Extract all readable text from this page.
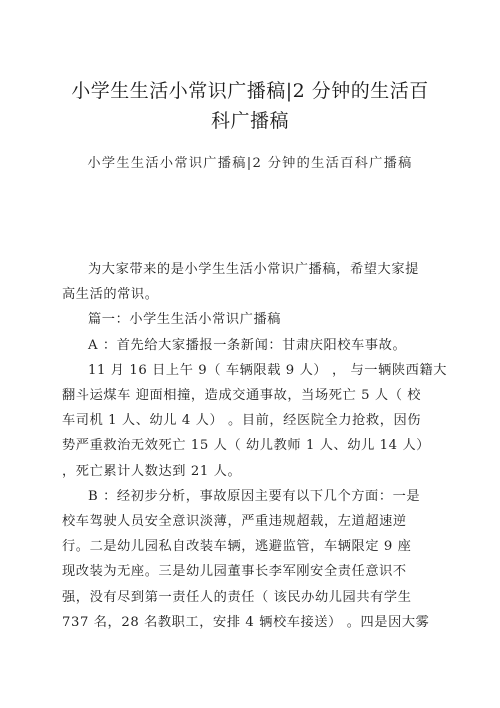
小学生生活小常识广播稿|2 分钟的生活百
科广播稿
小学生生活小常识广播稿|2 分钟的生活百科广播稿
为大家带来的是小学生生活小常识广播稿，希望大家提
高生活的常识。
篇一：小学生生活小常识广播稿
A ：首先给大家播报一条新闻：甘肃庆阳校车事故。
11 月 16 日上午 9（ 车辆限载 9 人） ， 与一辆陕西籍大
翻斗运煤车 迎面相撞，造成交通事故，当场死亡 5 人（ 校
车司机 1 人、幼儿 4 人） 。目前，经医院全力抢救，因伤
势严重救治无效死亡 15 人（ 幼儿教师 1 人、幼儿 14 人）
，死亡累计人数达到 21 人。
B ：经初步分析，事故原因主要有以下几个方面：一是
校车驾驶人员安全意识淡薄，严重违规超载，左道超速逆
行。二是幼儿园私自改装车辆，逃避监管，车辆限定 9 座
现改装为无座。三是幼儿园董事长李军刚安全责任意识不
强，没有尽到第一责任人的责任（ 该民办幼儿园共有学生
737 名，28 名教职工，安排 4 辆校车接送） 。四是因大雾
